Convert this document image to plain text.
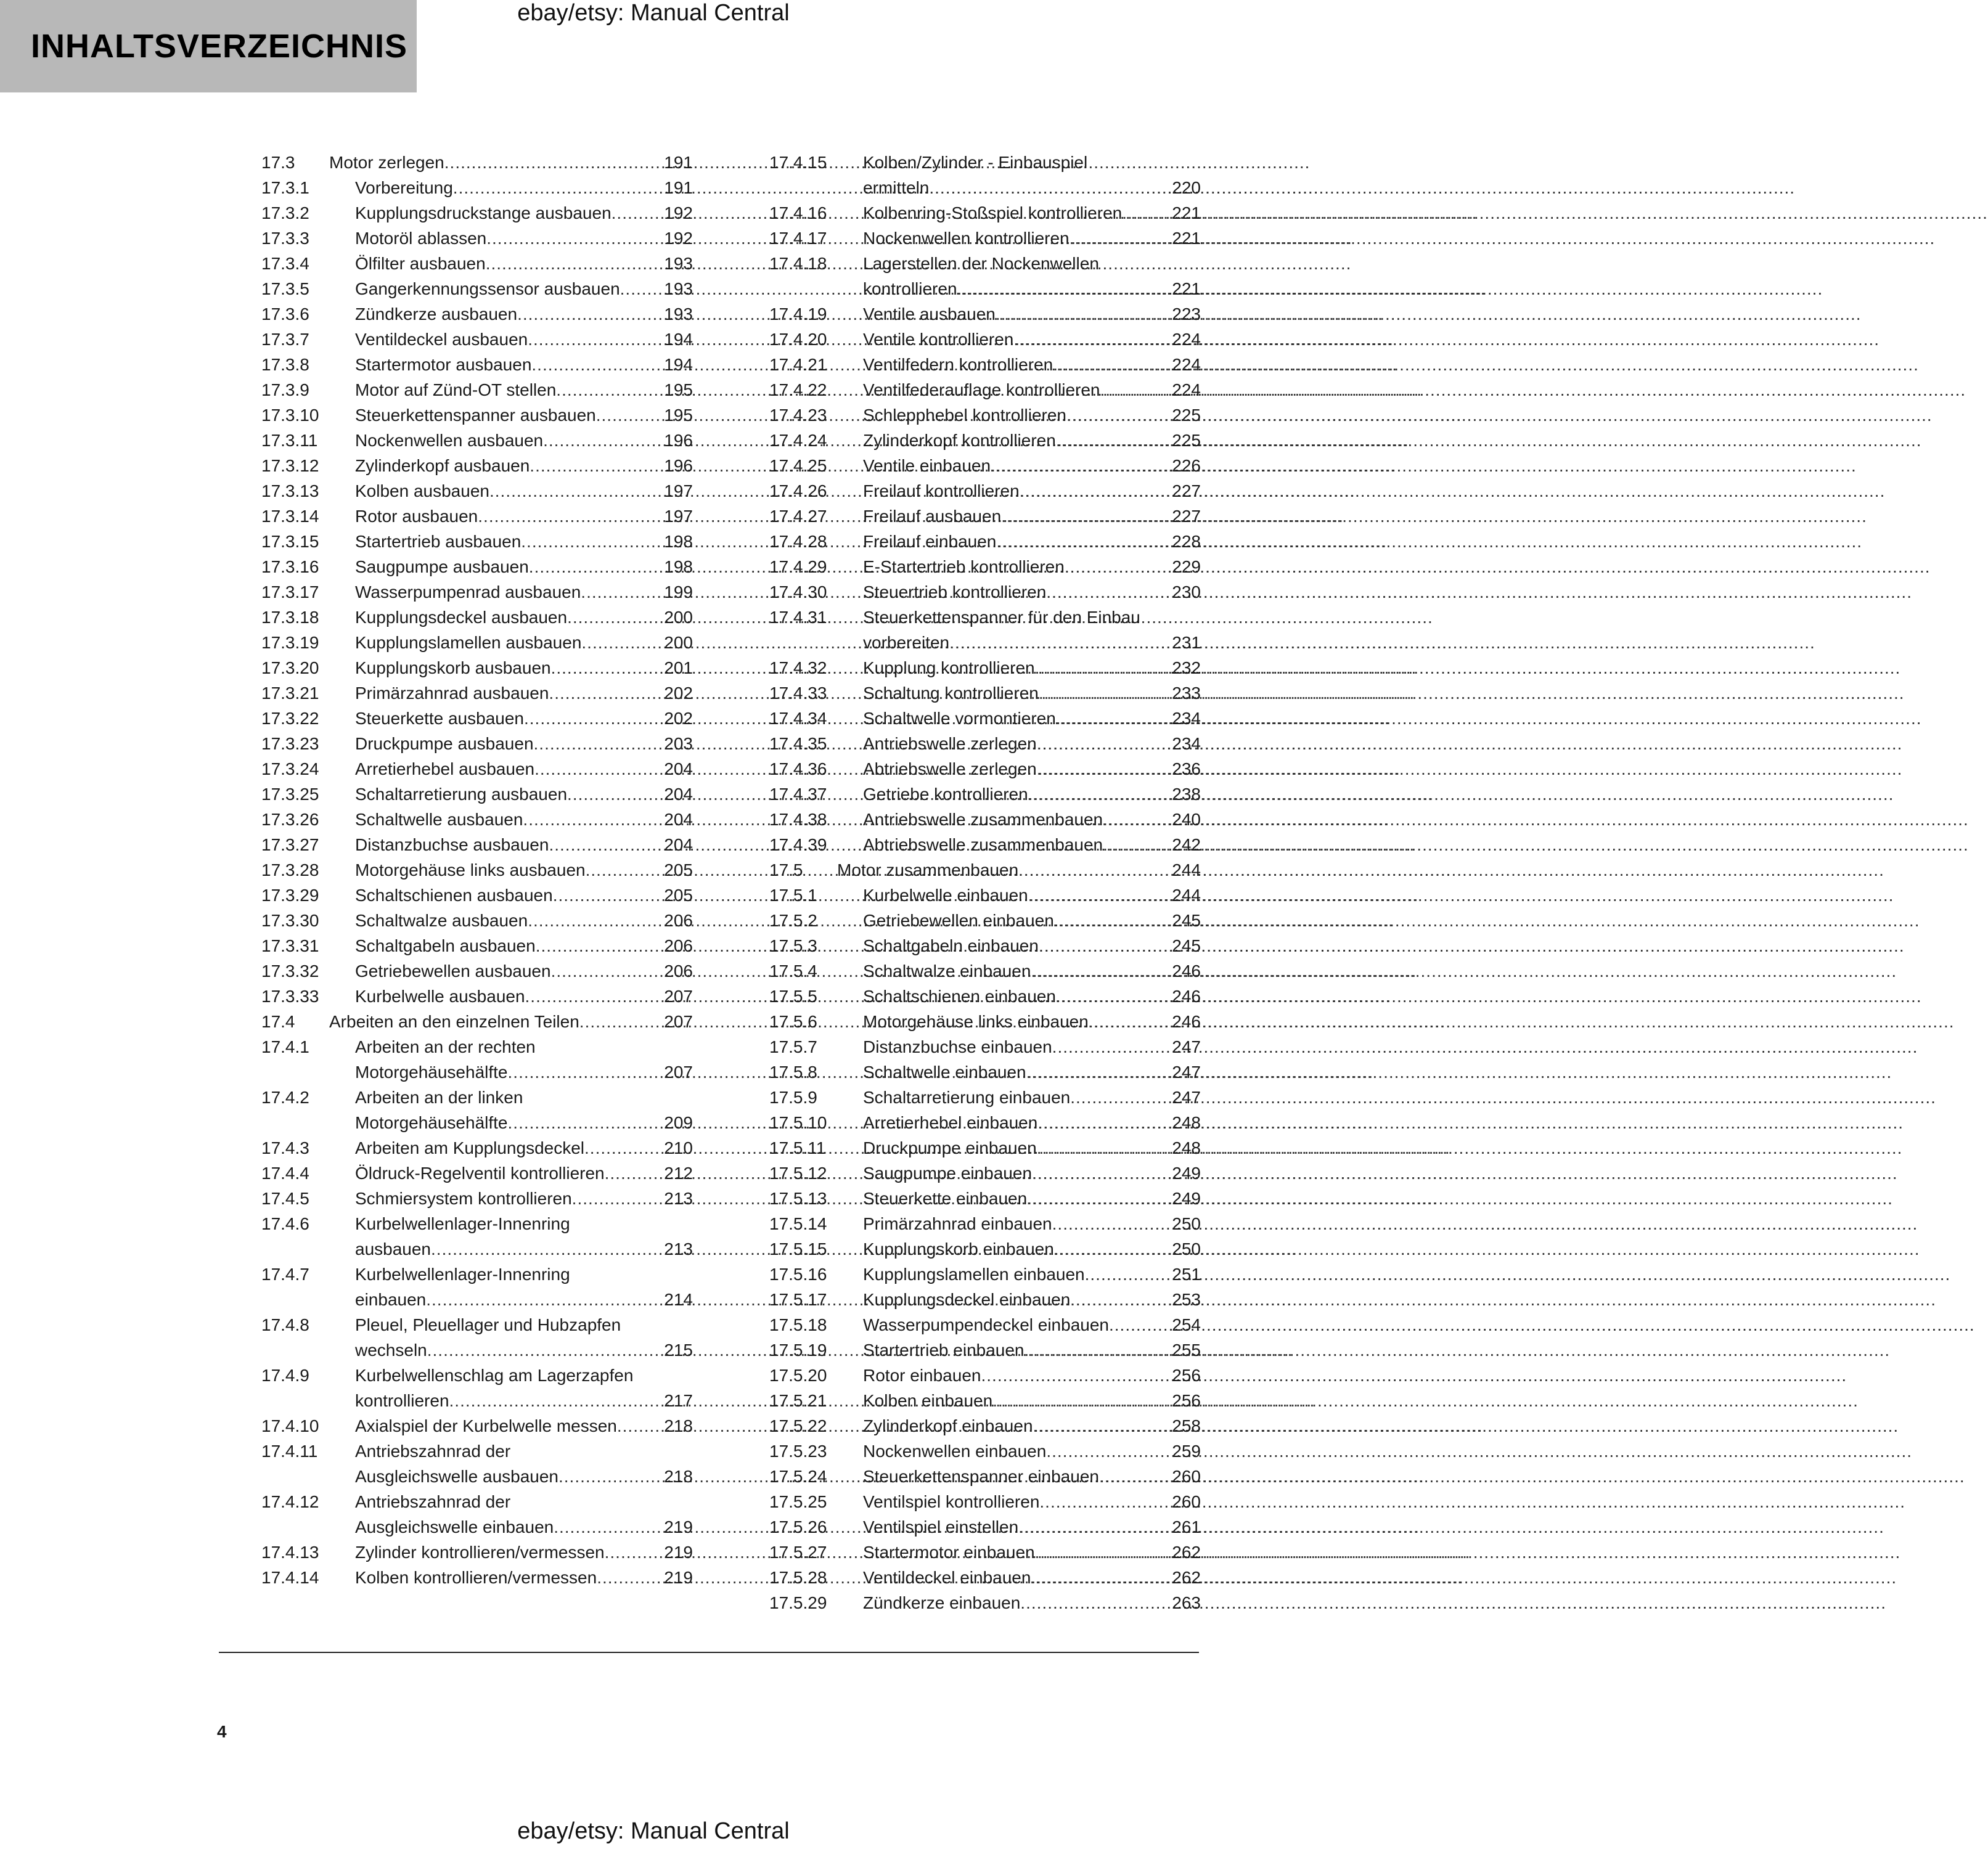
INHALTSVERZEICHNIS
ebay/etsy: Manual Central
17.3	Motor zerlegen .....	191
17.3.1	Vorbereitung .....	191
17.3.2	Kupplungsdruckstange ausbauen .....	192
17.3.3	Motoröl ablassen .....	192
17.3.4	Ölfilter ausbauen .....	193
17.3.5	Gangerkennungssensor ausbauen .....	193
17.3.6	Zündkerze ausbauen .....	193
17.3.7	Ventildeckel ausbauen .....	194
17.3.8	Startermotor ausbauen .....	194
17.3.9	Motor auf Zünd-OT stellen .....	195
17.3.10	Steuerkettenspanner ausbauen .....	195
17.3.11	Nockenwellen ausbauen .....	196
17.3.12	Zylinderkopf ausbauen .....	196
17.3.13	Kolben ausbauen .....	197
17.3.14	Rotor ausbauen .....	197
17.3.15	Startertrieb ausbauen .....	198
17.3.16	Saugpumpe ausbauen .....	198
17.3.17	Wasserpumpenrad ausbauen .....	199
17.3.18	Kupplungsdeckel ausbauen .....	200
17.3.19	Kupplungslamellen ausbauen .....	200
17.3.20	Kupplungskorb ausbauen .....	201
17.3.21	Primärzahnrad ausbauen .....	202
17.3.22	Steuerkette ausbauen .....	202
17.3.23	Druckpumpe ausbauen .....	203
17.3.24	Arretierhebel ausbauen .....	204
17.3.25	Schaltarretierung ausbauen .....	204
17.3.26	Schaltwelle ausbauen .....	204
17.3.27	Distanzbuchse ausbauen .....	204
17.3.28	Motorgehäuse links ausbauen .....	205
17.3.29	Schaltschienen ausbauen .....	205
17.3.30	Schaltwalze ausbauen .....	206
17.3.31	Schaltgabeln ausbauen .....	206
17.3.32	Getriebewellen ausbauen .....	206
17.3.33	Kurbelwelle ausbauen .....	207
17.4	Arbeiten an den einzelnen Teilen .....	207
17.4.1	Arbeiten an der rechten
Motorgehäusehälfte .....	207
17.4.2	Arbeiten an der linken
Motorgehäusehälfte .....	209
17.4.3	Arbeiten am Kupplungsdeckel .....	210
17.4.4	Öldruck-Regelventil kontrollieren .....	212
17.4.5	Schmiersystem kontrollieren .....	213
17.4.6	Kurbelwellenlager-Innenring
ausbauen .....	213
17.4.7	Kurbelwellenlager-Innenring
einbauen .....	214
17.4.8	Pleuel, Pleuellager und Hubzapfen
wechseln .....	215
17.4.9	Kurbelwellenschlag am Lagerzapfen
kontrollieren .....	217
17.4.10	Axialspiel der Kurbelwelle messen .....	218
17.4.11	Antriebszahnrad der
Ausgleichswelle ausbauen .....	218
17.4.12	Antriebszahnrad der
Ausgleichswelle einbauen .....	219
17.4.13	Zylinder kontrollieren/vermessen .....	219
17.4.14	Kolben kontrollieren/vermessen .....	219
17.4.15	Kolben/Zylinder - Einbauspiel
ermitteln .....	220
17.4.16	Kolbenring-Stoßspiel kontrollieren .....	221
17.4.17	Nockenwellen kontrollieren .....	221
17.4.18	Lagerstellen der Nockenwellen
kontrollieren .....	221
17.4.19	Ventile ausbauen .....	223
17.4.20	Ventile kontrollieren .....	224
17.4.21	Ventilfedern kontrollieren .....	224
17.4.22	Ventilfederauflage kontrollieren .....	224
17.4.23	Schlepphebel kontrollieren .....	225
17.4.24	Zylinderkopf kontrollieren .....	225
17.4.25	Ventile einbauen .....	226
17.4.26	Freilauf kontrollieren .....	227
17.4.27	Freilauf ausbauen .....	227
17.4.28	Freilauf einbauen .....	228
17.4.29	E-Startertrieb kontrollieren .....	229
17.4.30	Steuertrieb kontrollieren .....	230
17.4.31	Steuerkettenspanner für den Einbau
vorbereiten .....	231
17.4.32	Kupplung kontrollieren .....	232
17.4.33	Schaltung kontrollieren .....	233
17.4.34	Schaltwelle vormontieren .....	234
17.4.35	Antriebswelle zerlegen .....	234
17.4.36	Abtriebswelle zerlegen .....	236
17.4.37	Getriebe kontrollieren .....	238
17.4.38	Antriebswelle zusammenbauen .....	240
17.4.39	Abtriebswelle zusammenbauen .....	242
17.5	Motor zusammenbauen .....	244
17.5.1	Kurbelwelle einbauen .....	244
17.5.2	Getriebewellen einbauen .....	245
17.5.3	Schaltgabeln einbauen .....	245
17.5.4	Schaltwalze einbauen .....	246
17.5.5	Schaltschienen einbauen .....	246
17.5.6	Motorgehäuse links einbauen .....	246
17.5.7	Distanzbuchse einbauen .....	247
17.5.8	Schaltwelle einbauen .....	247
17.5.9	Schaltarretierung einbauen .....	247
17.5.10	Arretierhebel einbauen .....	248
17.5.11	Druckpumpe einbauen .....	248
17.5.12	Saugpumpe einbauen .....	249
17.5.13	Steuerkette einbauen .....	249
17.5.14	Primärzahnrad einbauen .....	250
17.5.15	Kupplungskorb einbauen .....	250
17.5.16	Kupplungslamellen einbauen .....	251
17.5.17	Kupplungsdeckel einbauen .....	253
17.5.18	Wasserpumpendeckel einbauen .....	254
17.5.19	Startertrieb einbauen .....	255
17.5.20	Rotor einbauen .....	256
17.5.21	Kolben einbauen .....	256
17.5.22	Zylinderkopf einbauen .....	258
17.5.23	Nockenwellen einbauen .....	259
17.5.24	Steuerkettenspanner einbauen .....	260
17.5.25	Ventilspiel kontrollieren .....	260
17.5.26	Ventilspiel einstellen .....	261
17.5.27	Startermotor einbauen .....	262
17.5.28	Ventildeckel einbauen .....	262
17.5.29	Zündkerze einbauen .....	263
4
ebay/etsy: Manual Central
